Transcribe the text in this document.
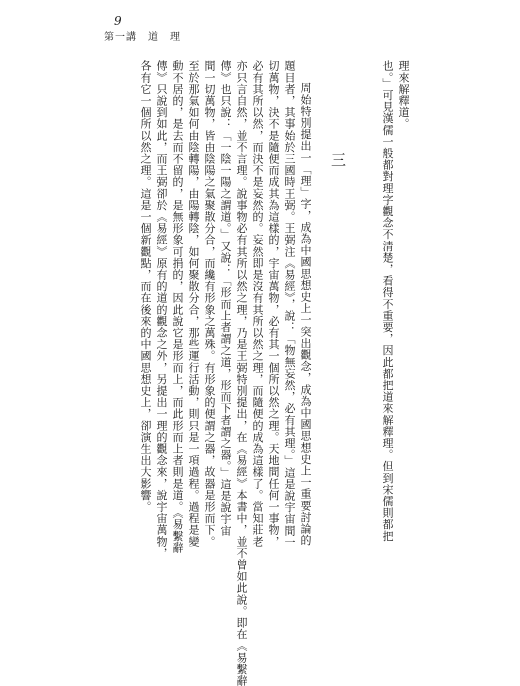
9
第一講　道　理
理來解釋道。
也。」可見漢儒一般都對理字觀念不清楚，看得不重要，因此都把道來解釋理。但到宋儒則都把
三
周始特別提出一「理」字，成為中國思想史上一突出觀念，成為中國思想史上一重要討論的
題目者，其事始於三國時王弼。王弼注《易經》，說：「物無妄然，必有其理。」這是說宇宙間一
切萬物，決不是隨便而成其為這樣的，宇宙萬物，必有其一個所以然之理。天地間任何一事物，
必有其所以然，而決不是妄然的。妄然即是沒有其所以然之理，而隨便的成為這樣了。當知莊老
亦只言自然，並不言理。說事物必有其所以然之理，乃是王弼特別提出，在《易經》本書中，並不曾如此說。即在《易繫辭
傳》也只說：「一陰一陽之謂道。」又說：「形而上者謂之道，形而下者謂之器。」這是說宇宙
間一切萬物，皆由陰陽之氣聚散分合，而纔有形象之萬殊。有形象的便謂之器，故器是形而下。
至於那氣如何由陰轉陽，由陽轉陰，如何聚散分合，那些運行活動，則只是一項過程。過程是變
動不居的，是去而不留的，是無形象可捐的，因此說它是形而上，而此形而上者則是道。《易繫辭
傳》只說到如此，而王弼卻於《易經》原有的道的觀念之外，另提出一理的觀念來，說宇宙萬物，
各有它一個所以然之理。這是一個新觀點，而在後來的中國思想史上，卻演生出大影響。
